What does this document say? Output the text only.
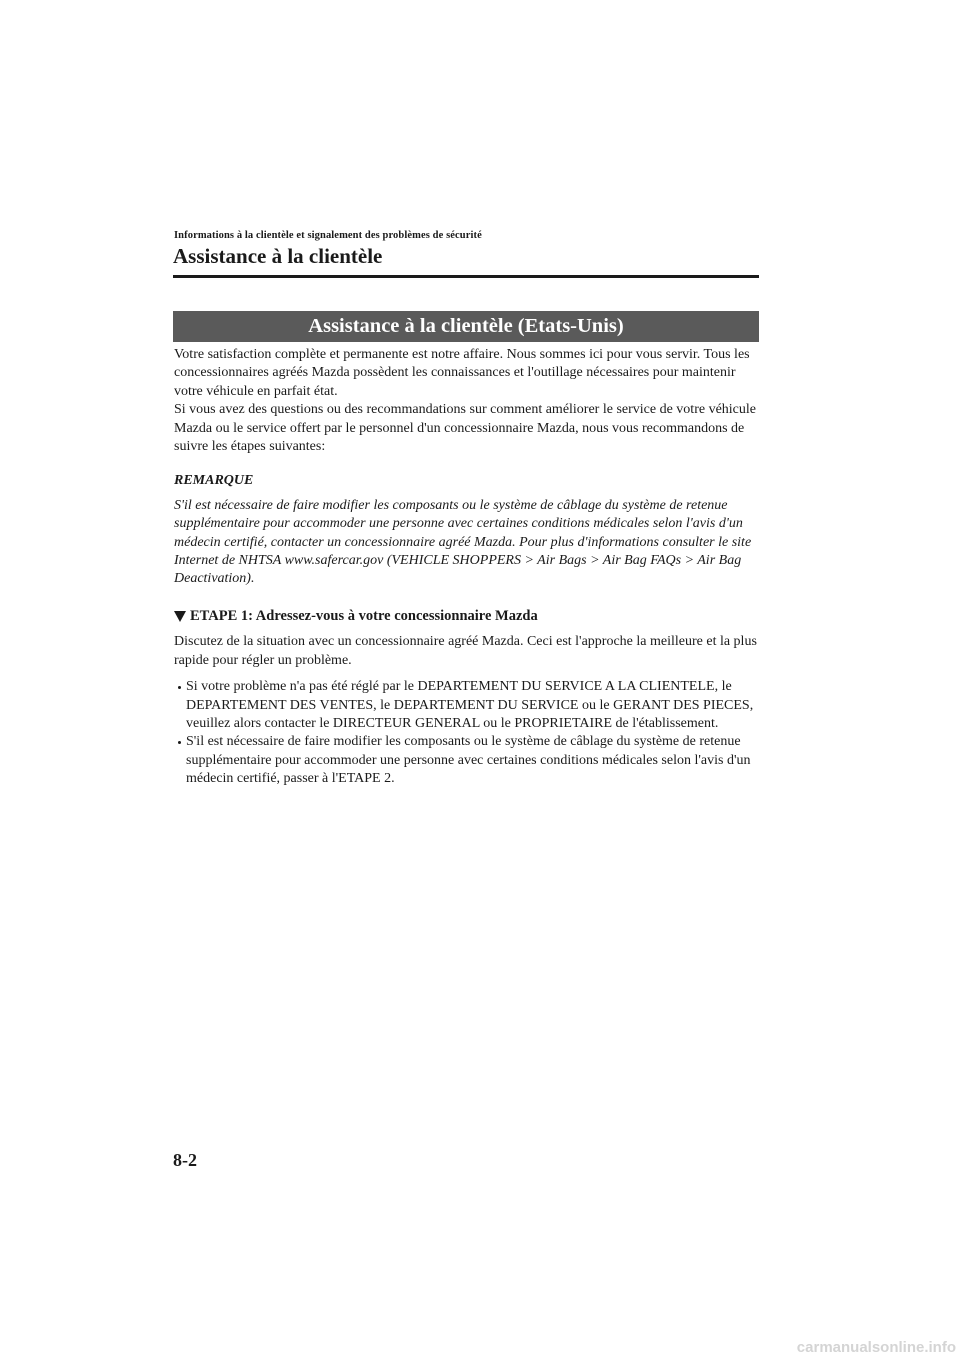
Informations à la clientèle et signalement des problèmes de sécurité
Assistance à la clientèle
Assistance à la clientèle (Etats-Unis)

Votre satisfaction complète et permanente est notre affaire. Nous sommes ici pour vous servir. Tous les concessionnaires agréés Mazda possèdent les connaissances et l'outillage nécessaires pour maintenir votre véhicule en parfait état.

Si vous avez des questions ou des recommandations sur comment améliorer le service de votre véhicule Mazda ou le service offert par le personnel d'un concessionnaire Mazda, nous vous recommandons de suivre les étapes suivantes:

REMARQUE

S'il est nécessaire de faire modifier les composants ou le système de câblage du système de retenue supplémentaire pour accommoder une personne avec certaines conditions médicales selon l'avis d'un médecin certifié, contacter un concessionnaire agréé Mazda. Pour plus d'informations consulter le site Internet de NHTSA www.safercar.gov (VEHICLE SHOPPERS > Air Bags > Air Bag FAQs > Air Bag Deactivation).

ETAPE 1: Adressez-vous à votre concessionnaire Mazda

Discutez de la situation avec un concessionnaire agréé Mazda. Ceci est l'approche la meilleure et la plus rapide pour régler un problème.

Si votre problème n'a pas été réglé par le DEPARTEMENT DU SERVICE A LA CLIENTELE, le DEPARTEMENT DES VENTES, le DEPARTEMENT DU SERVICE ou le GERANT DES PIECES, veuillez alors contacter le DIRECTEUR GENERAL ou le PROPRIETAIRE de l'établissement.
S'il est nécessaire de faire modifier les composants ou le système de câblage du système de retenue supplémentaire pour accommoder une personne avec certaines conditions médicales selon l'avis d'un médecin certifié, passer à l'ETAPE 2.
8-2
carmanualsonline.info
